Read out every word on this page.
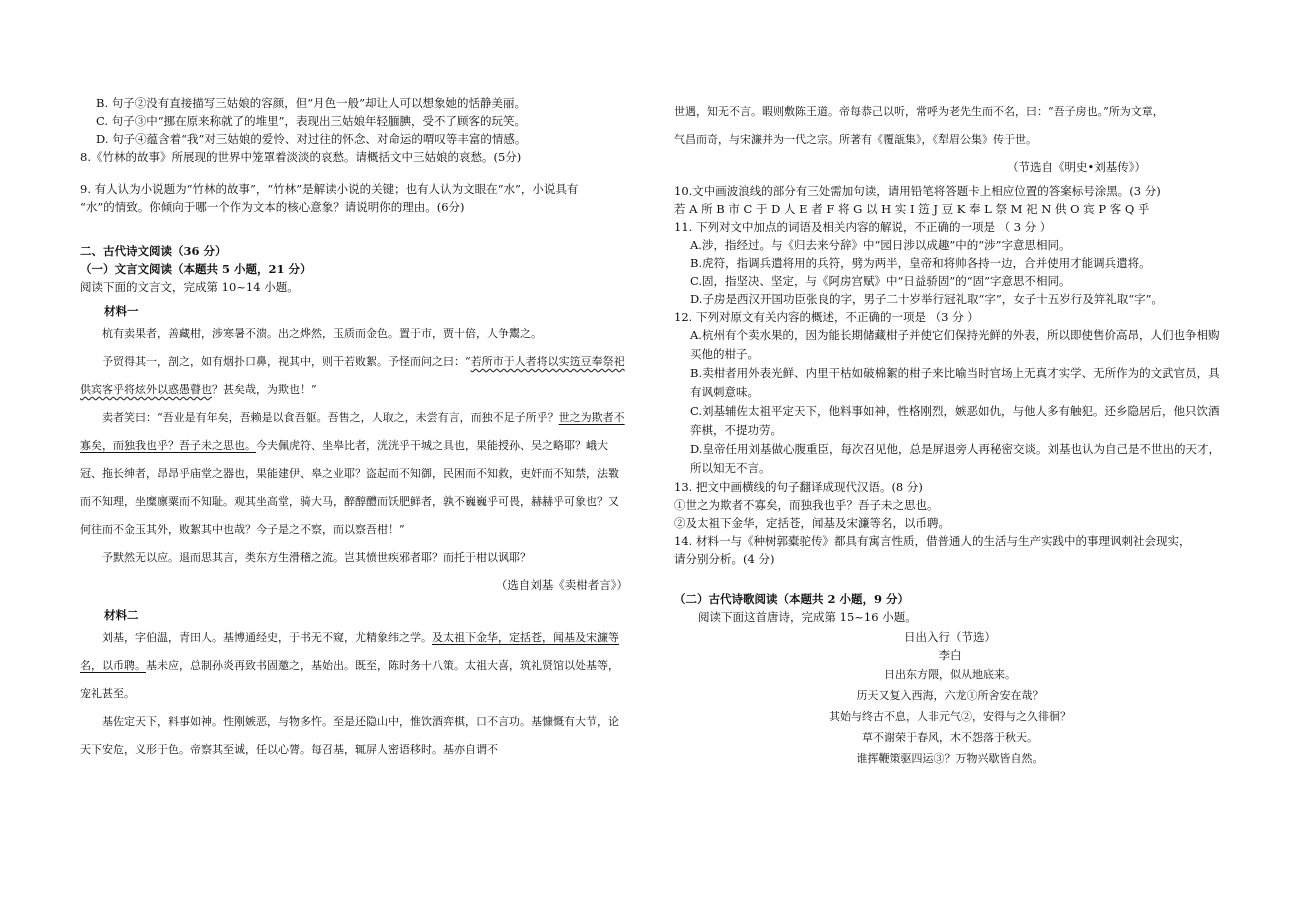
B. 句子②没有直接描写三姑娘的容颜，但“月色一般”却让人可以想象她的恬静美丽。

C. 句子③中“挪在原来称就了的堆里”，表现出三姑娘年轻腼腆，受不了顾客的玩笑。

D. 句子④蕴含着“我”对三姑娘的爱怜、对过往的怀念、对命运的喟叹等丰富的情感。

8.《竹林的故事》所展现的世界中笼罩着淡淡的哀愁。请概括文中三姑娘的哀愁。(5分)

9. 有人认为小说题为“竹林的故事”，“竹林”是解读小说的关键；也有人认为文眼在“水”，小说具有

“水”的情致。你倾向于哪一个作为文本的核心意象？请说明你的理由。(6分)

二、古代诗文阅读（36 分）

（一）文言文阅读（本题共 5 小题，21 分）

阅读下面的文言文，完成第 10~14 小题。

材料一

杭有卖果者，善藏柑，涉寒暑不溃。出之烨然，玉质而金色。置于市，贾十倍，人争鬻之。

予贸得其一，剖之，如有烟扑口鼻，视其中，则干若败絮。予怪而问之曰：“若所市于人者将以实笾豆奉祭祀供宾客乎将炫外以惑愚瞽也？甚矣哉，为欺也！”

卖者笑曰：“吾业是有年矣，吾赖是以食吾躯。吾售之，人取之，未尝有言，而独不足子所乎？世之为欺者不寡矣，而独我也乎？吾子未之思也。今夫佩虎符、坐皋比者，洸洸乎干城之具也，果能授孙、吴之略耶？峨大冠、拖长绅者，昂昂乎庙堂之器也，果能建伊、皋之业耶？盗起而不知御，民困而不知救，吏奸而不知禁，法斁而不知理，坐糜廪粟而不知耻。观其坐高堂，骑大马，醉醇醴而饫肥鲜者，孰不巍巍乎可畏，赫赫乎可象也？又何往而不金玉其外，败絮其中也哉？今子是之不察，而以察吾柑！”

予默然无以应。退而思其言，类东方生滑稽之流。岂其愤世疾邪者耶？而托于柑以讽耶？

（选自刘基《卖柑者言》）

材料二

刘基，字伯温，青田人。基博通经史，于书无不窥，尤精象纬之学。及太祖下金华，定括苍，闻基及宋濂等名，以币聘。基未应，总制孙炎再致书固邀之，基始出。既至，陈时务十八策。太祖大喜，筑礼贤馆以处基等，宠礼甚至。

基佐定天下，料事如神。性刚嫉恶，与物多忤。至是还隐山中，惟饮酒弈棋，口不言功。基慷慨有大节，论天下安危，义形于色。帝察其至诚，任以心膂。每召基，辄屏人密语移时。基亦自谓不

世遇，知无不言。暇则敷陈王道。帝每恭己以听，常呼为老先生而不名，曰：“吾子房也。”所为文章，

气昌而奇，与宋濂并为一代之宗。所著有《覆瓿集》，《犁眉公集》传于世。

（节选自《明史•刘基传》）

10.文中画波浪线的部分有三处需加句读，请用铅笔将答题卡上相应位置的答案标号涂黑。(3 分)

若 A 所 B 市 C 于 D 人 E 者 F 将 G 以 H 实 I 笾 J 豆 K 奉 L 祭 M 祀 N 供 O 宾 P 客 Q 乎

11. 下列对文中加点的词语及相关内容的解说，不正确的一项是 （ 3 分 ）

A.涉，指经过。与《归去来兮辞》中“园日涉以成趣”中的“涉”字意思相同。

B.虎符，指调兵遣将用的兵符，劈为两半，皇帝和将帅各持一边，合并使用才能调兵遣将。

C.固，指坚决、坚定，与《阿房宫赋》中“日益骄固”的“固”字意思不相同。

D.子房是西汉开国功臣张良的字，男子二十岁举行冠礼取“字”，女子十五岁行及笄礼取“字”。

12. 下列对原文有关内容的概述，不正确的一项是 （3 分 ）

A.杭州有个卖水果的，因为能长期储藏柑子并使它们保持光鲜的外表，所以即使售价高昂，人们也争相购买他的柑子。

B.卖柑者用外表光鲜、内里干枯如破棉絮的柑子来比喻当时官场上无真才实学、无所作为的文武官员，具有讽刺意味。

C.刘基辅佐太祖平定天下，他料事如神，性格刚烈，嫉恶如仇，与他人多有触犯。还乡隐居后，他只饮酒弈棋，不提功劳。

D.皇帝任用刘基做心腹重臣，每次召见他，总是屏退旁人再秘密交谈。刘基也认为自己是不世出的天才，所以知无不言。

13. 把文中画横线的句子翻译成现代汉语。(8 分)

①世之为欺者不寡矣，而独我也乎？吾子未之思也。

②及太祖下金华，定括苍，闻基及宋濂等名，以币聘。

14. 材料一与《种树郭橐驼传》都具有寓言性质，借普通人的生活与生产实践中的事理讽刺社会现实，

请分别分析。(4 分)

（二）古代诗歌阅读（本题共 2 小题，9 分）

阅读下面这首唐诗，完成第 15~16 小题。

日出入行（节选）

李白

日出东方隈，似从地底来。

历天又复入西海，六龙①所舍安在哉？

其始与终古不息，人非元气②，安得与之久徘徊？

草不谢荣于春风，木不怨落于秋天。

谁挥鞭策驱四运③？万物兴歇皆自然。
